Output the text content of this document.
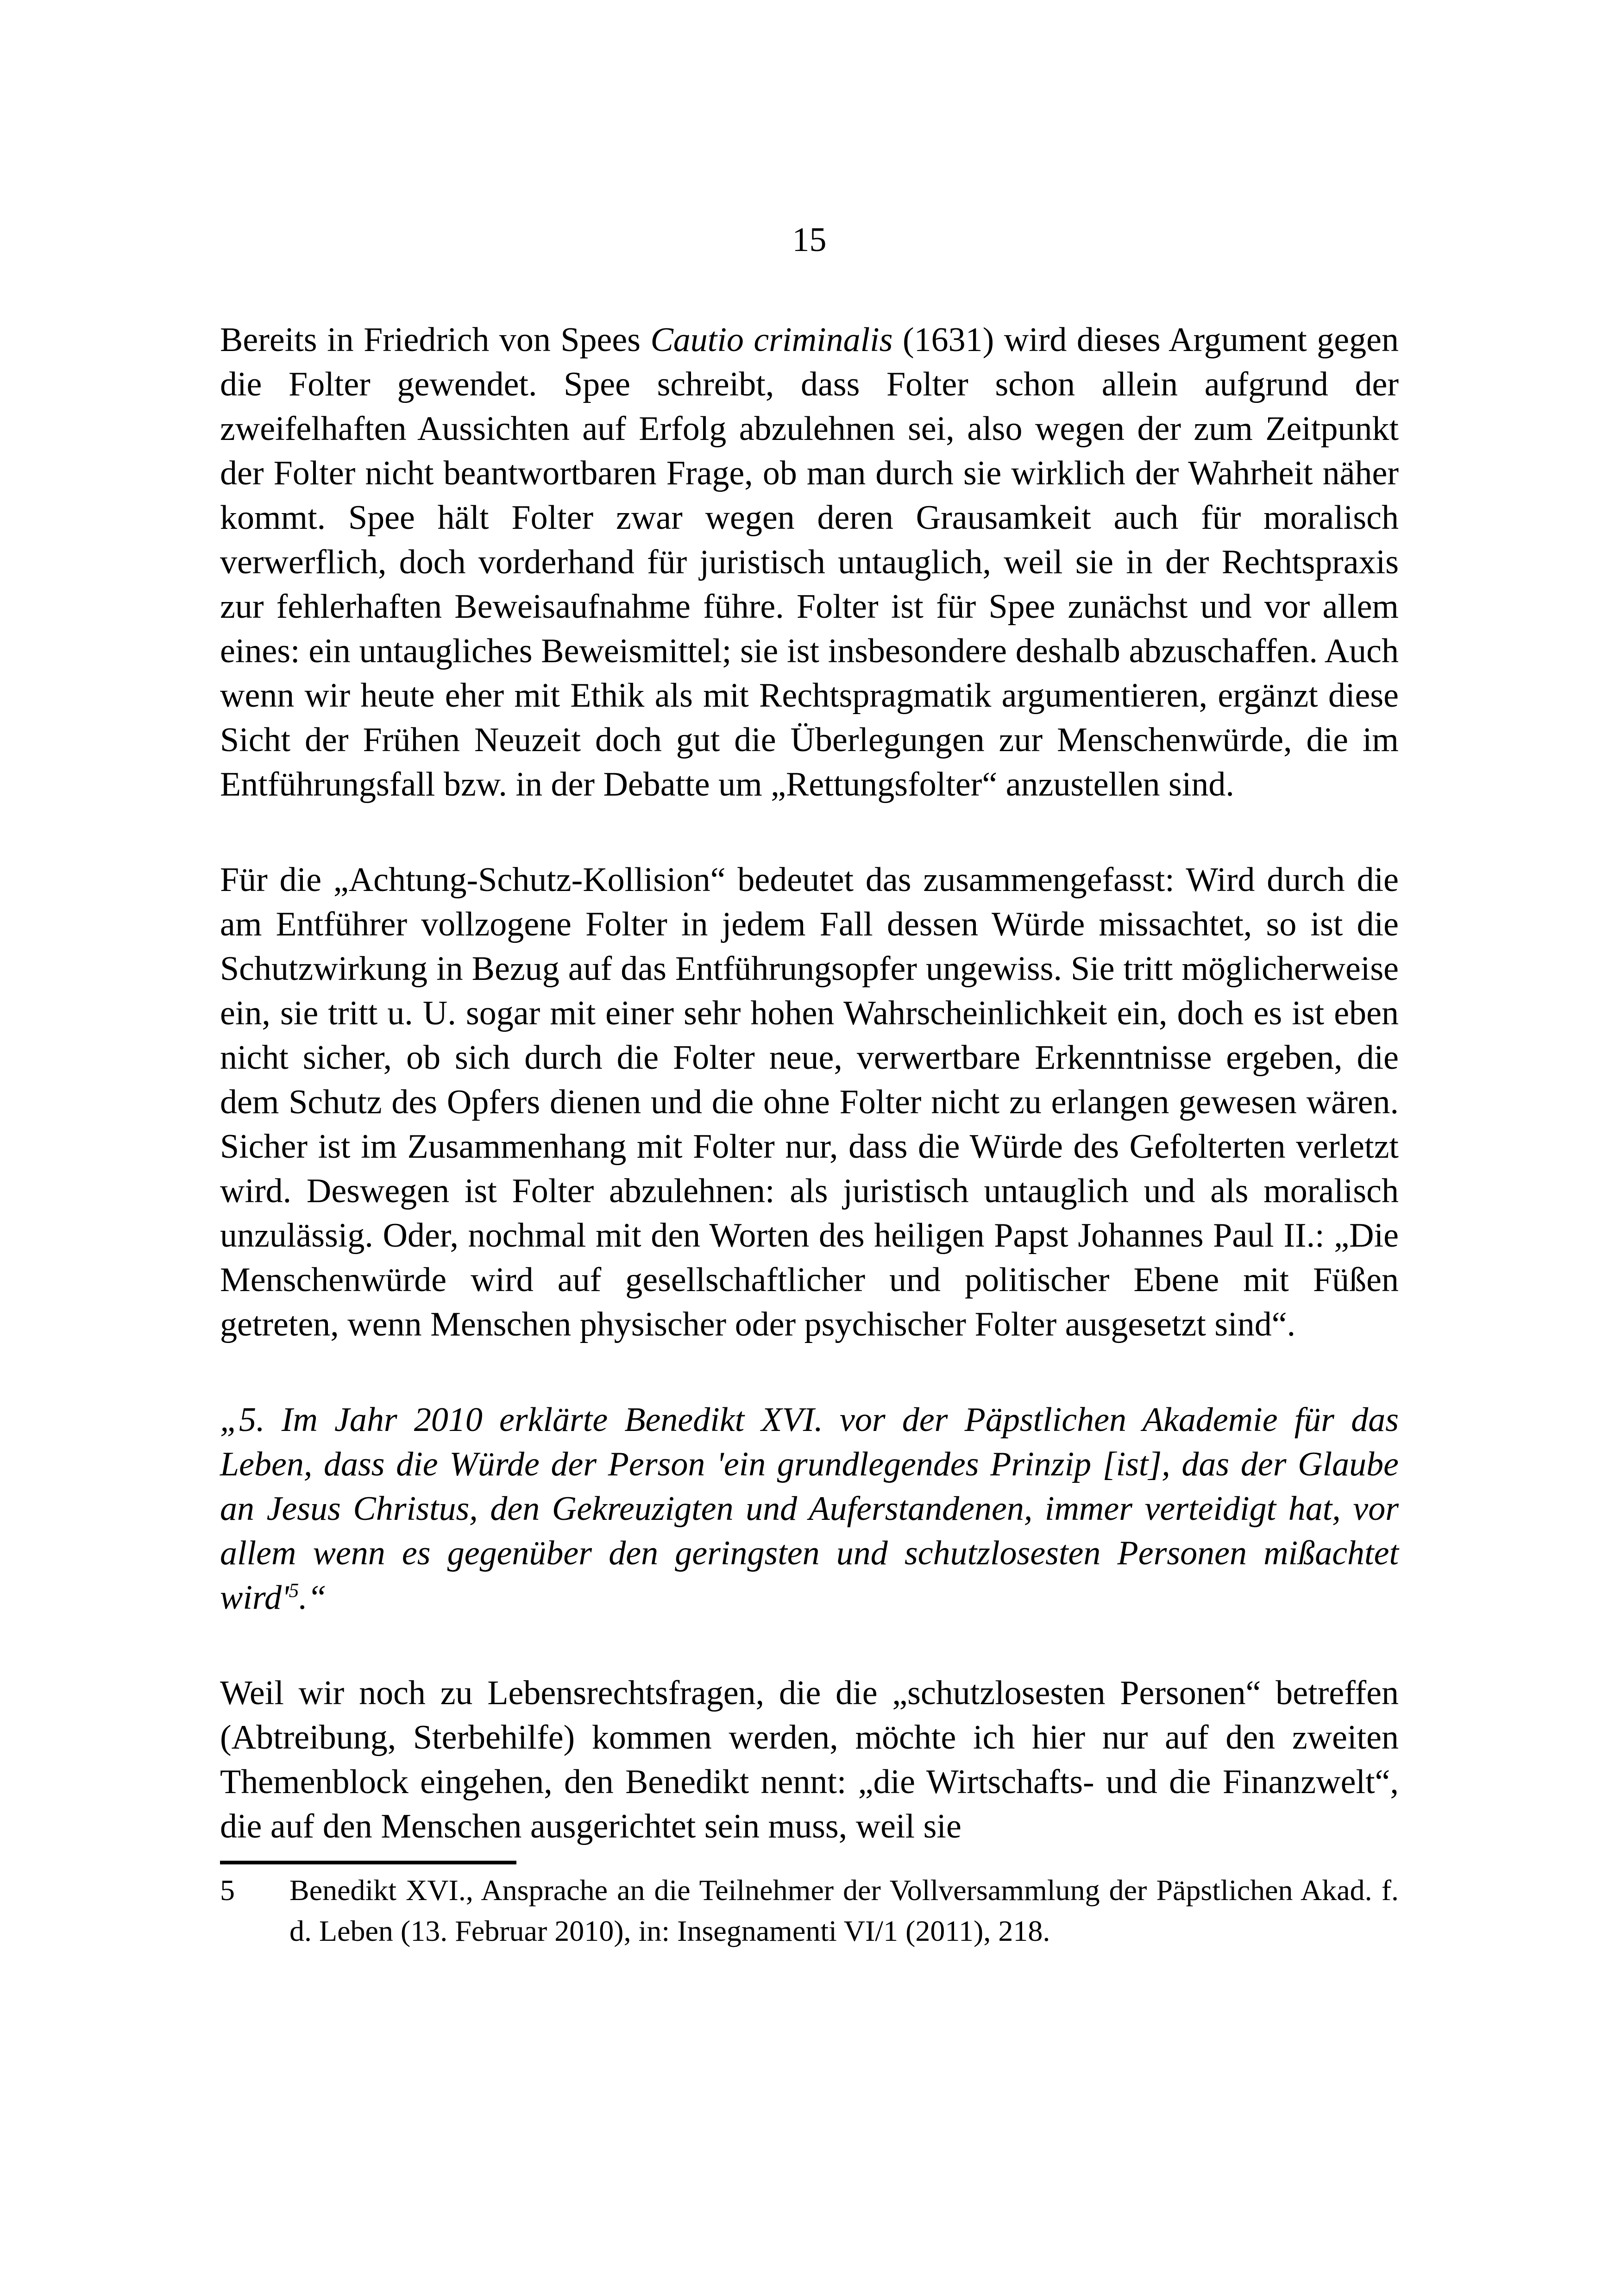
15

Bereits in Friedrich von Spees Cautio criminalis (1631) wird dieses Argument gegen die Folter gewendet. Spee schreibt, dass Folter schon allein aufgrund der zweifelhaften Aussichten auf Erfolg abzulehnen sei, also wegen der zum Zeitpunkt der Folter nicht beantwortbaren Frage, ob man durch sie wirklich der Wahrheit näher kommt. Spee hält Folter zwar wegen deren Grausamkeit auch für moralisch verwerflich, doch vorderhand für juristisch untauglich, weil sie in der Rechtspraxis zur fehlerhaften Beweisaufnahme führe. Folter ist für Spee zunächst und vor allem eines: ein untaugliches Beweismittel; sie ist insbesondere deshalb abzuschaffen. Auch wenn wir heute eher mit Ethik als mit Rechtspragmatik argumentieren, ergänzt diese Sicht der Frühen Neuzeit doch gut die Überlegungen zur Menschenwürde, die im Entführungsfall bzw. in der Debatte um „Rettungsfolter“ anzustellen sind.

Für die „Achtung-Schutz-Kollision“ bedeutet das zusammengefasst: Wird durch die am Entführer vollzogene Folter in jedem Fall dessen Würde missachtet, so ist die Schutzwirkung in Bezug auf das Entführungsopfer ungewiss. Sie tritt möglicherweise ein, sie tritt u. U. sogar mit einer sehr hohen Wahrscheinlichkeit ein, doch es ist eben nicht sicher, ob sich durch die Folter neue, verwertbare Erkenntnisse ergeben, die dem Schutz des Opfers dienen und die ohne Folter nicht zu erlangen gewesen wären. Sicher ist im Zusammenhang mit Folter nur, dass die Würde des Gefolterten verletzt wird. Deswegen ist Folter abzulehnen: als juristisch untauglich und als moralisch unzulässig. Oder, nochmal mit den Worten des heiligen Papst Johannes Paul II.: „Die Menschenwürde wird auf gesellschaftlicher und politischer Ebene mit Füßen getreten, wenn Menschen physischer oder psychischer Folter ausgesetzt sind“.

„5. Im Jahr 2010 erklärte Benedikt XVI. vor der Päpstlichen Akademie für das Leben, dass die Würde der Person 'ein grundlegendes Prinzip [ist], das der Glaube an Jesus Christus, den Gekreuzigten und Auferstandenen, immer verteidigt hat, vor allem wenn es gegenüber den geringsten und schutzlosesten Personen mißachtet $wird'^5.“$

Weil wir noch zu Lebensrechtsfragen, die die „schutzlosesten Personen“ betreffen (Abtreibung, Sterbehilfe) kommen werden, möchte ich hier nur auf den zweiten Themenblock eingehen, den Benedikt nennt: „die Wirtschafts- und die Finanzwelt“, die auf den Menschen ausgerichtet sein muss, weil sie

5 Benedikt XVI., Ansprache an die Teilnehmer der Vollversammlung der Päpstlichen Akad. f. d. Leben (13. Februar 2010), in: Insegnamenti VI/1 (2011), 218.
